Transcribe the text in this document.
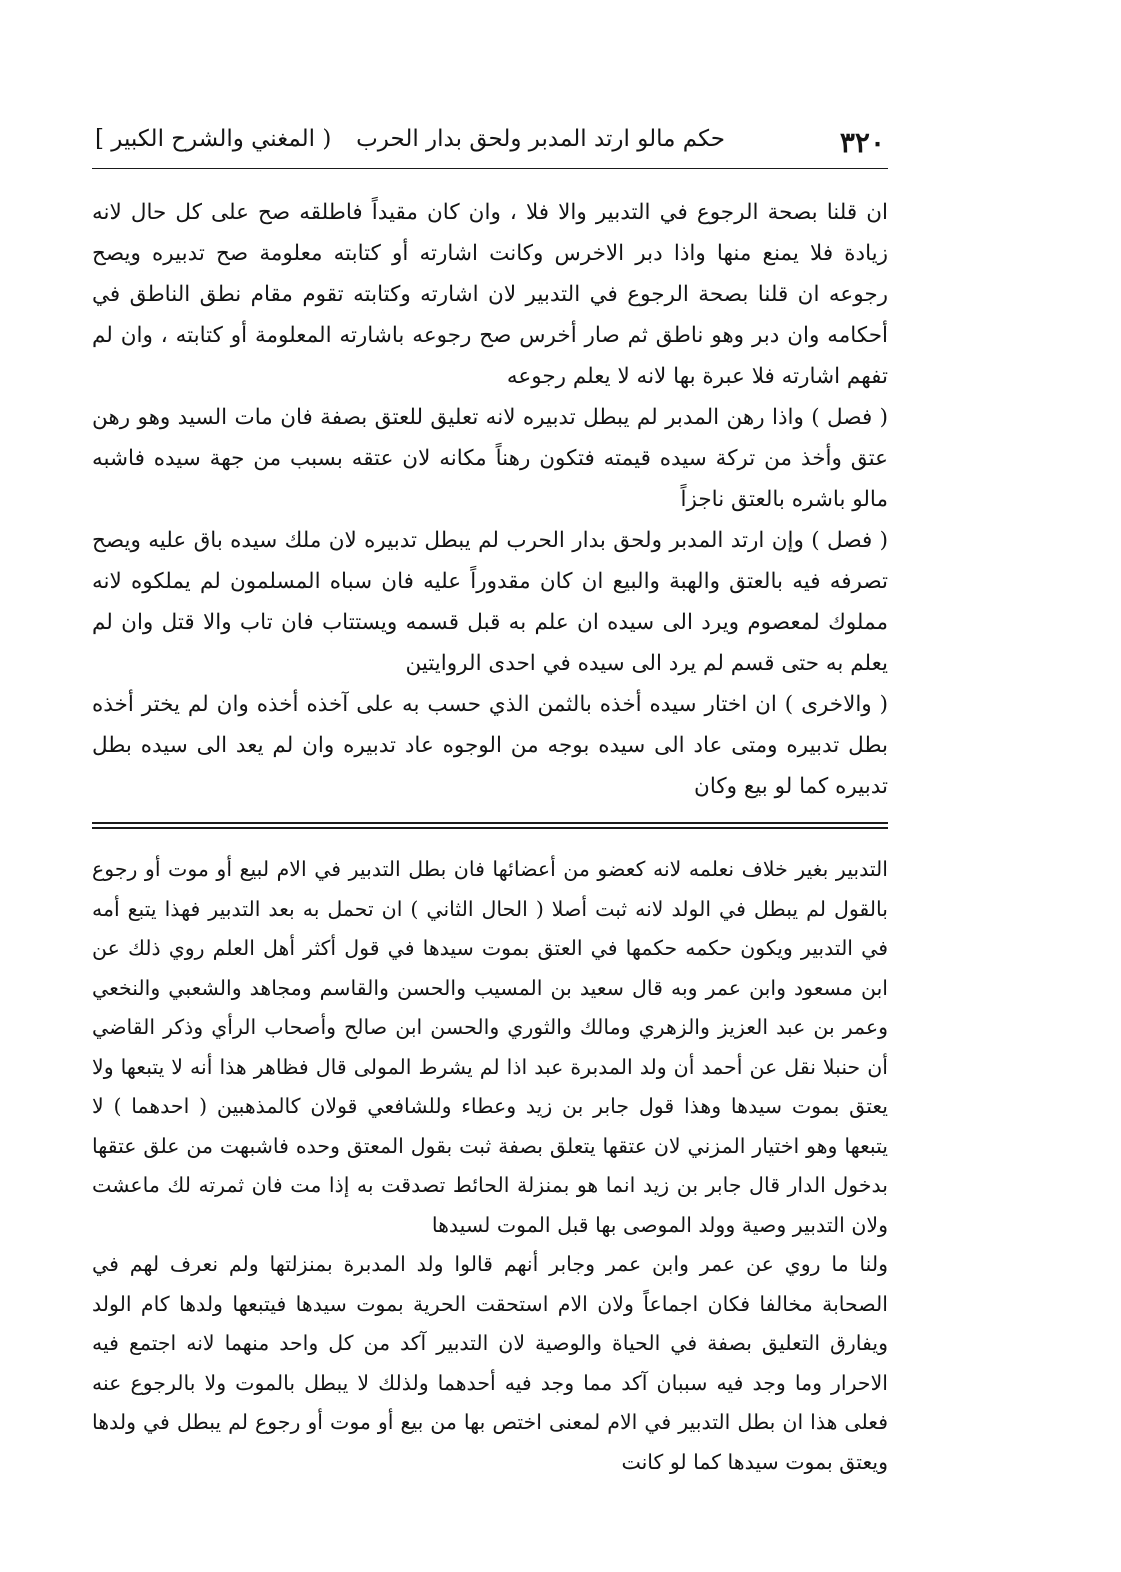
٣٢٠
حكم مالو ارتد المدبر ولحق بدار الحرب
( المغني والشرح الكبير ]

ان قلنا بصحة الرجوع في التدبير والا فلا ، وان كان مقيداً فاطلقه صح على كل حال لانه زيادة فلا يمنع منها واذا دبر الاخرس وكانت اشارته أو كتابته معلومة صح تدبيره ويصح رجوعه ان قلنا بصحة الرجوع في التدبير لان اشارته وكتابته تقوم مقام نطق الناطق في أحكامه وان دبر وهو ناطق ثم صار أخرس صح رجوعه باشارته المعلومة أو كتابته ، وان لم تفهم اشارته فلا عبرة بها لانه لا يعلم رجوعه

( فصل ) واذا رهن المدبر لم يبطل تدبيره لانه تعليق للعتق بصفة فان مات السيد وهو رهن عتق وأخذ من تركة سيده قيمته فتكون رهناً مكانه لان عتقه بسبب من جهة سيده فاشبه مالو باشره بالعتق ناجزاً

( فصل ) وإن ارتد المدبر ولحق بدار الحرب لم يبطل تدبيره لان ملك سيده باق عليه ويصح تصرفه فيه بالعتق والهبة والبيع ان كان مقدوراً عليه فان سباه المسلمون لم يملكوه لانه مملوك لمعصوم ويرد الى سيده ان علم به قبل قسمه ويستتاب فان تاب والا قتل وان لم يعلم به حتى قسم لم يرد الى سيده في احدى الروايتين

( والاخرى ) ان اختار سيده أخذه بالثمن الذي حسب به على آخذه أخذه وان لم يختر أخذه بطل تدبيره ومتى عاد الى سيده بوجه من الوجوه عاد تدبيره وان لم يعد الى سيده بطل تدبيره كما لو بيع وكان

التدبير بغير خلاف نعلمه لانه كعضو من أعضائها فان بطل التدبير في الام لبيع أو موت أو رجوع بالقول لم يبطل في الولد لانه ثبت أصلا ( الحال الثاني ) ان تحمل به بعد التدبير فهذا يتبع أمه في التدبير ويكون حكمه حكمها في العتق بموت سيدها في قول أكثر أهل العلم روي ذلك عن ابن مسعود وابن عمر وبه قال سعيد بن المسيب والحسن والقاسم ومجاهد والشعبي والنخعي وعمر بن عبد العزيز والزهري ومالك والثوري والحسن ابن صالح وأصحاب الرأي وذكر القاضي أن حنبلا نقل عن أحمد أن ولد المدبرة عبد اذا لم يشرط المولى قال فظاهر هذا أنه لا يتبعها ولا يعتق بموت سيدها وهذا قول جابر بن زيد وعطاء وللشافعي قولان كالمذهبين ( احدهما ) لا يتبعها وهو اختيار المزني لان عتقها يتعلق بصفة ثبت بقول المعتق وحده فاشبهت من علق عتقها بدخول الدار قال جابر بن زيد انما هو بمنزلة الحائط تصدقت به إذا مت فان ثمرته لك ماعشت ولان التدبير وصية وولد الموصى بها قبل الموت لسيدها

ولنا ما روي عن عمر وابن عمر وجابر أنهم قالوا ولد المدبرة بمنزلتها ولم نعرف لهم في الصحابة مخالفا فكان اجماعاً ولان الام استحقت الحرية بموت سيدها فيتبعها ولدها كام الولد ويفارق التعليق بصفة في الحياة والوصية لان التدبير آكد من كل واحد منهما لانه اجتمع فيه الاحرار وما وجد فيه سببان آكد مما وجد فيه أحدهما ولذلك لا يبطل بالموت ولا بالرجوع عنه فعلى هذا ان بطل التدبير في الام لمعنى اختص بها من بيع أو موت أو رجوع لم يبطل في ولدها ويعتق بموت سيدها كما لو كانت
